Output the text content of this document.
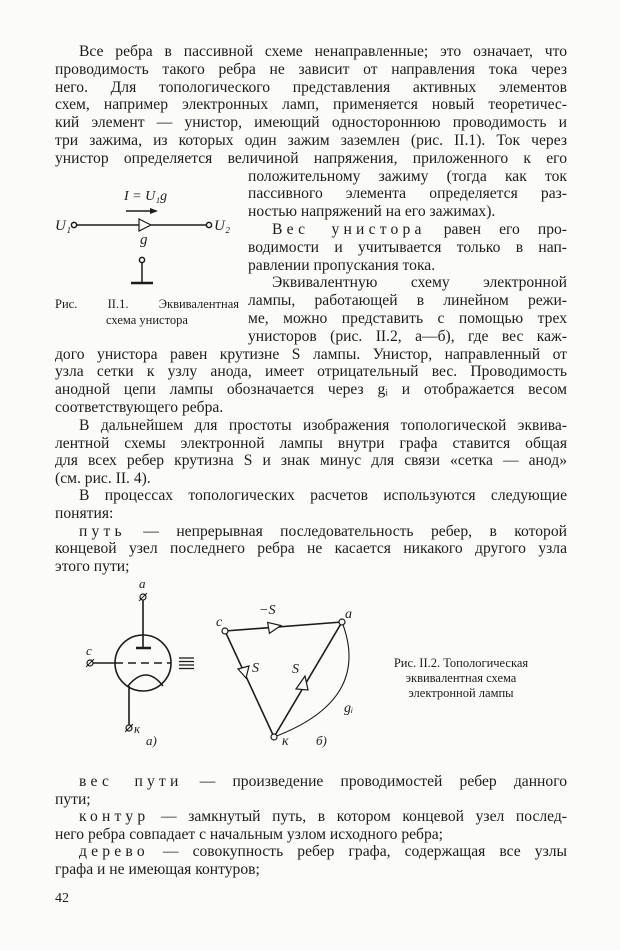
I = U₁g
U₁	U₂
g
a
c
к
а)
c
a
к
−S
S S
gᵢ
б)
Рис. II.1. Эквивалентная
схема унистора
Рис. II.2. Топологическая
эквивалентная схема
электронной лампы
42
Все ребра в пассивной схеме ненаправленные; это означает, что
проводимость такого ребра не зависит от направления тока через
него. Для топологического представления активных элементов
схем, например электронных ламп, применяется новый теоретичес-
кий элемент — унистор, имеющий одностороннюю проводимость и
три зажима, из которых один зажим заземлен (рис. II.1). Ток через
унистор определяется величиной напряжения, приложенного к его
положительному зажиму (тогда как ток
пассивного элемента определяется раз-
ностью напряжений на его зажимах).
Вес унистора равен его про-
водимости и учитывается только в нап-
равлении пропускания тока.
Эквивалентную схему электронной
лампы, работающей в линейном режи-
ме, можно представить с помощью трех
унисторов (рис. II.2, а—б), где вес каж-
дого унистора равен крутизне S лампы. Унистор, направленный от
узла сетки к узлу анода, имеет отрицательный вес. Проводимость
анодной цепи лампы обозначается через gᵢ и отображается весом
соответствующего ребра.
В дальнейшем для простоты изображения топологической эквива-
лентной схемы электронной лампы внутри графа ставится общая
для всех ребер крутизна S и знак минус для связи «сетка — анод»
(см. рис. II. 4).
В процессах топологических расчетов используются следующие
понятия:
путь — непрерывная последовательность ребер, в которой
концевой узел последнего ребра не касается никакого другого узла
этого пути;
вес пути — произведение проводимостей ребер данного
пути;
контур — замкнутый путь, в котором концевой узел послед-
него ребра совпадает с начальным узлом исходного ребра;
дерево — совокупность ребер графа, содержащая все узлы
графа и не имеющая контуров;
